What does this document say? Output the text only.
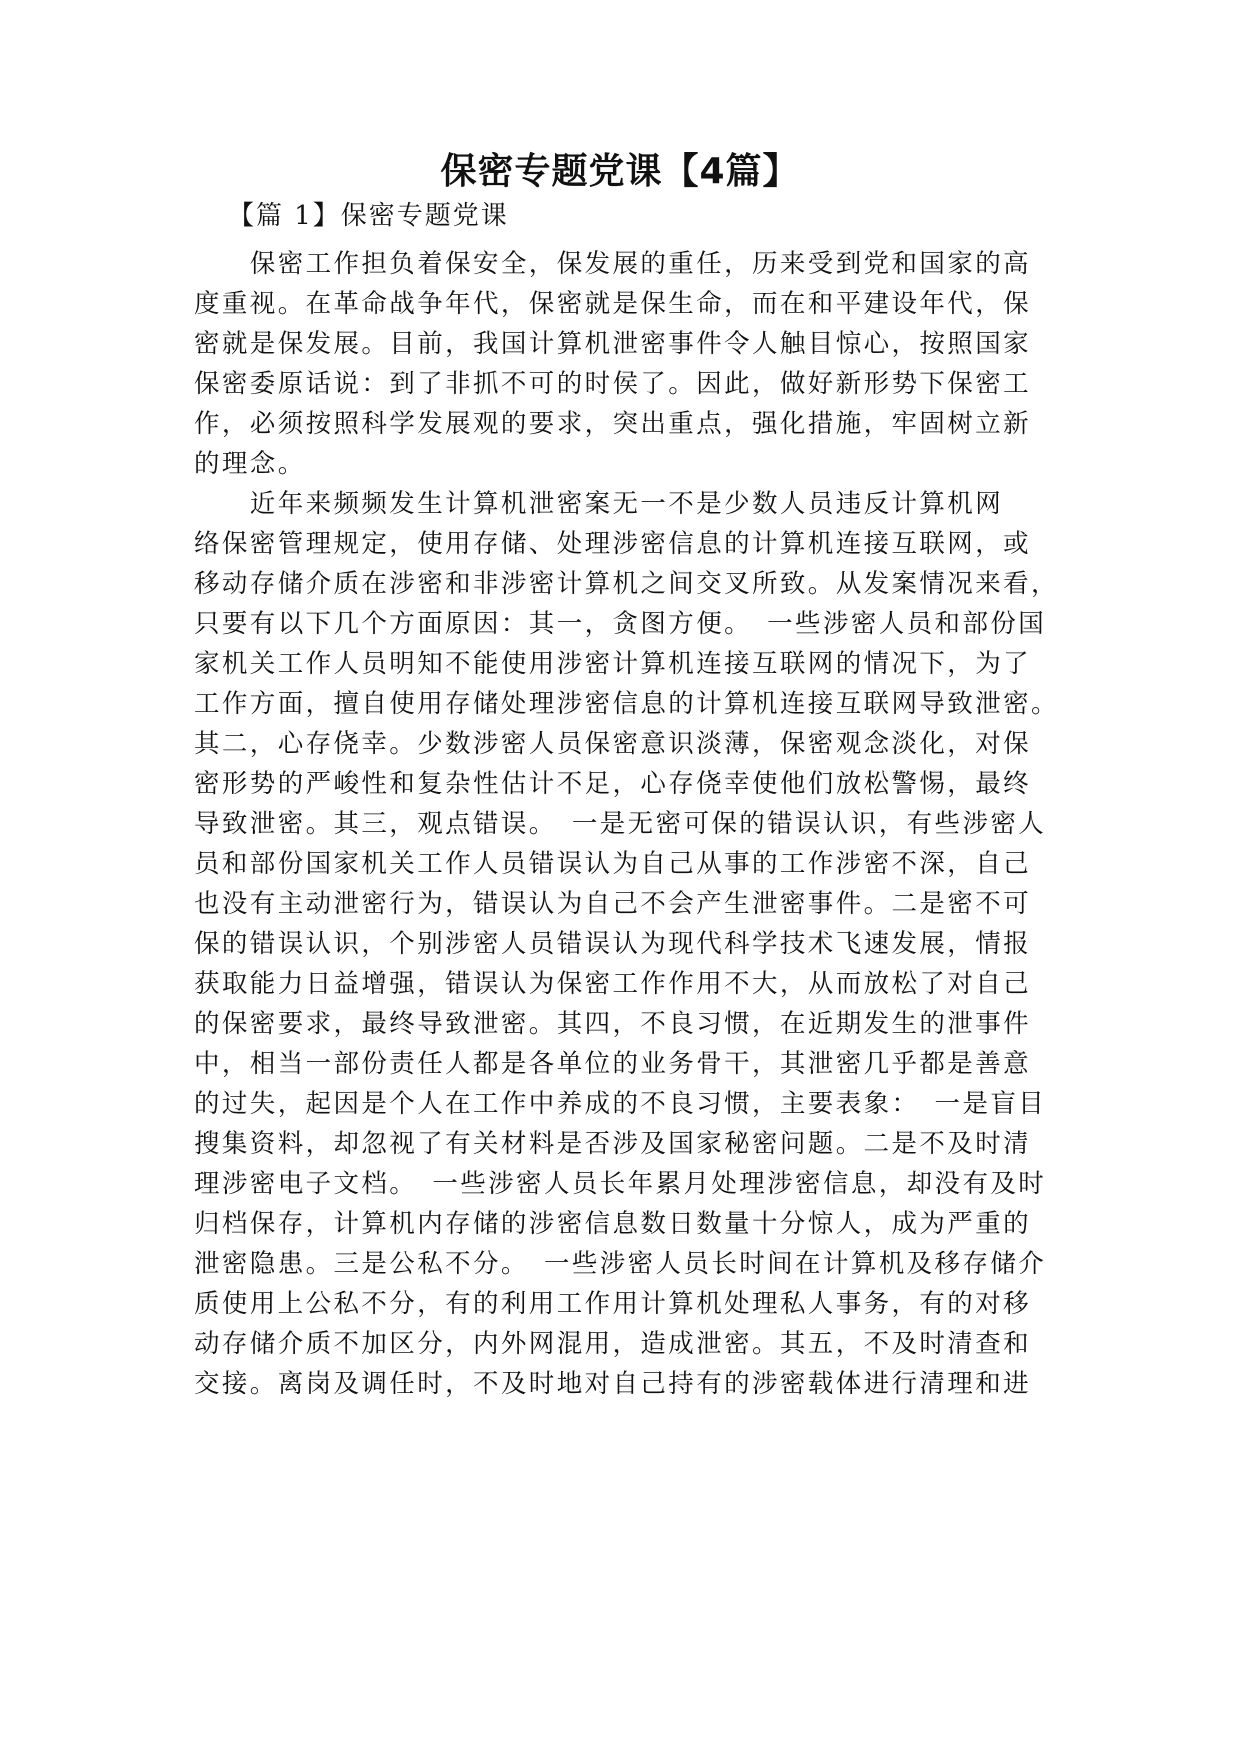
保密专题党课【4篇】

【篇 1】保密专题党课

　　保密工作担负着保安全，保发展的重任，历来受到党和国家的高
度重视。在革命战争年代，保密就是保生命，而在和平建设年代，保
密就是保发展。目前，我国计算机泄密事件令人触目惊心，按照国家
保密委原话说：到了非抓不可的时侯了。因此，做好新形势下保密工
作，必须按照科学发展观的要求，突出重点，强化措施，牢固树立新
的理念。
　　近年来频频发生计算机泄密案无一不是少数人员违反计算机网
络保密管理规定，使用存储、处理涉密信息的计算机连接互联网，或
移动存储介质在涉密和非涉密计算机之间交叉所致。从发案情况来看，
只要有以下几个方面原因：其一，贪图方便。　一些涉密人员和部份国
家机关工作人员明知不能使用涉密计算机连接互联网的情况下，为了
工作方面，擅自使用存储处理涉密信息的计算机连接互联网导致泄密。
其二，心存侥幸。少数涉密人员保密意识淡薄，保密观念淡化，对保
密形势的严峻性和复杂性估计不足，心存侥幸使他们放松警惕，最终
导致泄密。其三，观点错误。　一是无密可保的错误认识，有些涉密人
员和部份国家机关工作人员错误认为自己从事的工作涉密不深，自己
也没有主动泄密行为，错误认为自己不会产生泄密事件。二是密不可
保的错误认识，个别涉密人员错误认为现代科学技术飞速发展，情报
获取能力日益增强，错误认为保密工作作用不大，从而放松了对自己
的保密要求，最终导致泄密。其四，不良习惯，在近期发生的泄事件
中，相当一部份责任人都是各单位的业务骨干，其泄密几乎都是善意
的过失，起因是个人在工作中养成的不良习惯，主要表象：　一是盲目
搜集资料，却忽视了有关材料是否涉及国家秘密问题。二是不及时清
理涉密电子文档。　一些涉密人员长年累月处理涉密信息，却没有及时
归档保存，计算机内存储的涉密信息数日数量十分惊人，成为严重的
泄密隐患。三是公私不分。　一些涉密人员长时间在计算机及移存储介
质使用上公私不分，有的利用工作用计算机处理私人事务，有的对移
动存储介质不加区分，内外网混用，造成泄密。其五，不及时清查和
交接。离岗及调任时，不及时地对自己持有的涉密载体进行清理和进
